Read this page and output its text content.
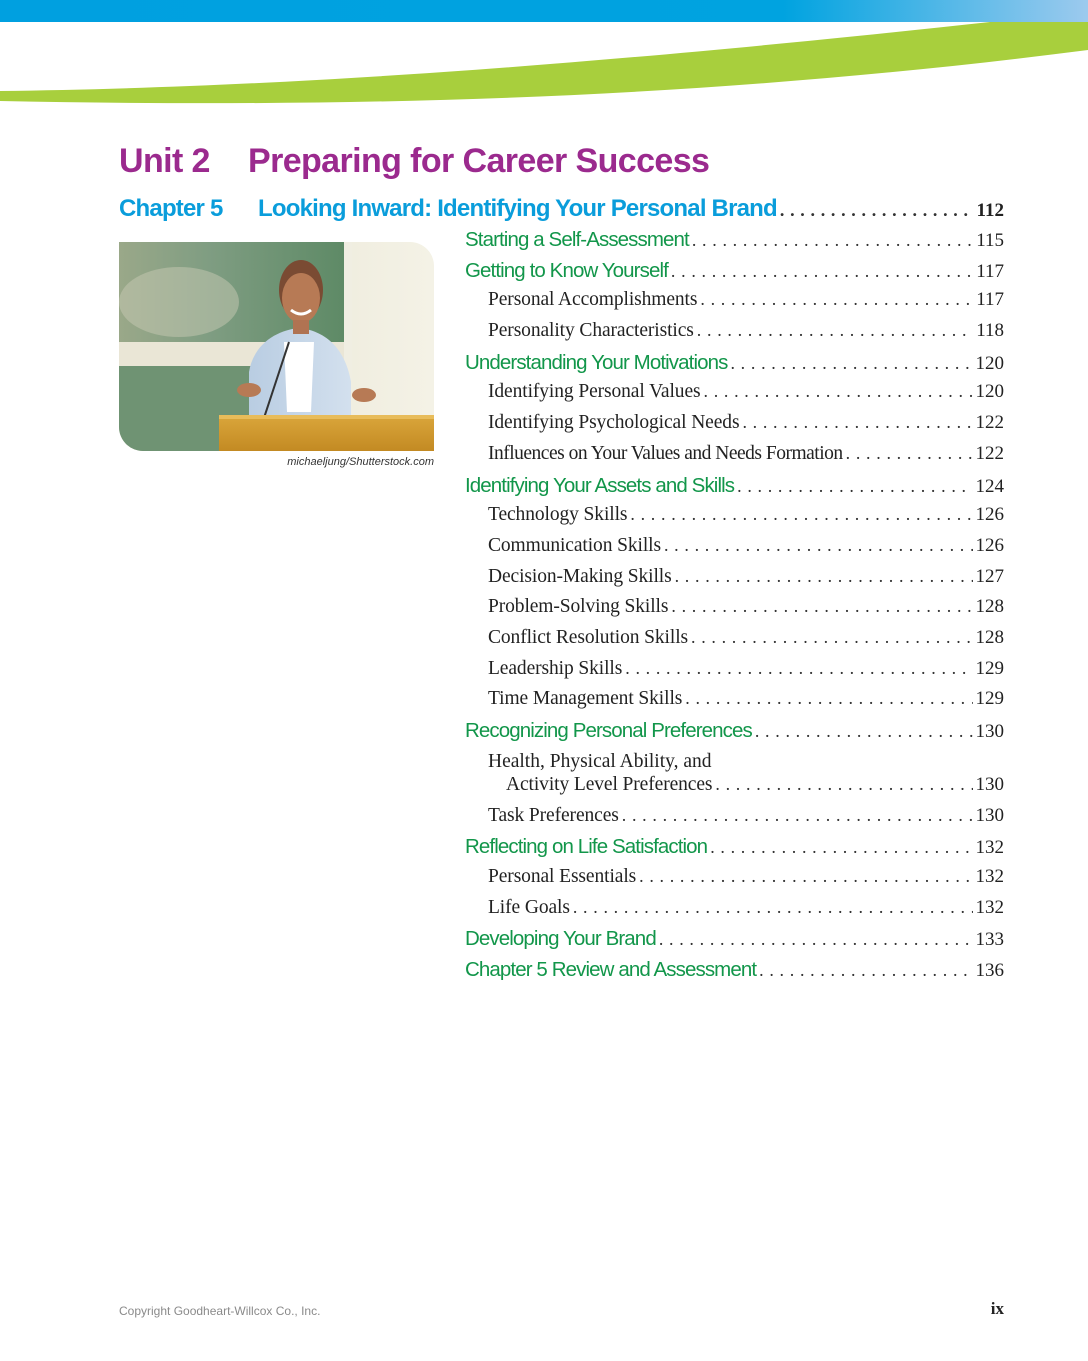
Unit 2 Preparing for Career Success
Chapter 5	Looking Inward: Identifying Your Personal Brand . . .	112
michaeljung/Shutterstock.com
Starting a Self-Assessment . . .	115
Getting to Know Yourself . . .	117
Personal Accomplishments . . .	117
Personality Characteristics . . .	118
Understanding Your Motivations . . .	120
Identifying Personal Values . . .	120
Identifying Psychological Needs . . .	122
Influences on Your Values and Needs Formation . . .	122
Identifying Your Assets and Skills . . .	124
Technology Skills . . .	126
Communication Skills . . .	126
Decision-Making Skills . . .	127
Problem-Solving Skills . . .	128
Conflict Resolution Skills . . .	128
Leadership Skills . . .	129
Time Management Skills . . .	129
Recognizing Personal Preferences . . .	130
Health, Physical Ability, and
Activity Level Preferences . . .	130
Task Preferences . . .	130
Reflecting on Life Satisfaction . . .	132
Personal Essentials . . .	132
Life Goals . . .	132
Developing Your Brand . . .	133
Chapter 5 Review and Assessment . . .	136
Copyright Goodheart-Willcox Co., Inc.	ix
